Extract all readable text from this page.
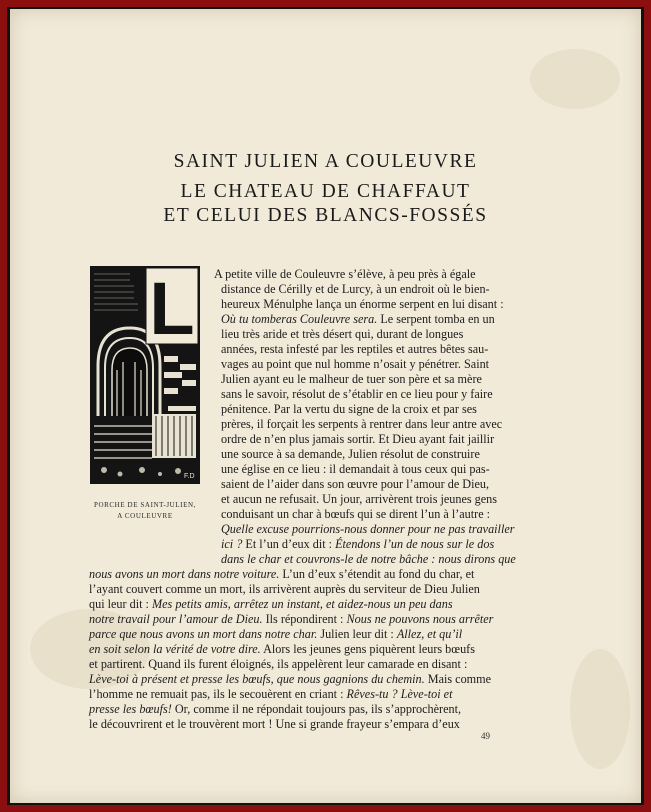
SAINT JULIEN A COULEUVRE
LE CHATEAU DE CHAFFAUT
ET CELUI DES BLANCS-FOSSÉS
L
F.D
PORCHE DE SAINT-JULIEN,
A COULEUVRE
A petite ville de Couleuvre s’élève, à peu près à égale
distance de Cérilly et de Lurcy, à un endroit où le bien-
heureux Ménulphe lança un énorme serpent en lui disant :
Où tu tomberas Couleuvre sera. Le serpent tomba en un
lieu très aride et très désert qui, durant de longues
années, resta infesté par les reptiles et autres bêtes sau-
vages au point que nul homme n’osait y pénétrer. Saint
Julien ayant eu le malheur de tuer son père et sa mère
sans le savoir, résolut de s’établir en ce lieu pour y faire
pénitence. Par la vertu du signe de la croix et par ses
prères, il forçait les serpents à rentrer dans leur antre avec
ordre de n’en plus jamais sortir. Et Dieu ayant fait jaillir
une source à sa demande, Julien résolut de construire
une église en ce lieu : il demandait à tous ceux qui pas-
saient de l’aider dans son œuvre pour l’amour de Dieu,
et aucun ne refusait. Un jour, arrivèrent trois jeunes gens
conduisant un char à bœufs qui se dirent l’un à l’autre :
Quelle excuse pourrions-nous donner pour ne pas travailler
ici ? Et l’un d’eux dit : Étendons l’un de nous sur le dos
dans le char et couvrons-le de notre bâche : nous dirons que
nous avons un mort dans notre voiture. L’un d’eux s’étendit au fond du char, et
l’ayant couvert comme un mort, ils arrivèrent auprès du serviteur de Dieu Julien
qui leur dit : Mes petits amis, arrêtez un instant, et aidez-nous un peu dans
notre travail pour l’amour de Dieu. Ils répondirent : Nous ne pouvons nous arrêter
parce que nous avons un mort dans notre char. Julien leur dit : Allez, et qu’il
en soit selon la vérité de votre dire. Alors les jeunes gens piquèrent leurs bœufs
et partirent. Quand ils furent éloignés, ils appelèrent leur camarade en disant :
Lève-toi à présent et presse les bœufs, que nous gagnions du chemin. Mais comme
l’homme ne remuait pas, ils le secouèrent en criant : Rêves-tu ? Lève-toi et
presse les bœufs! Or, comme il ne répondait toujours pas, ils s’approchèrent,
le découvrirent et le trouvèrent mort ! Une si grande frayeur s’empara d’eux
49
